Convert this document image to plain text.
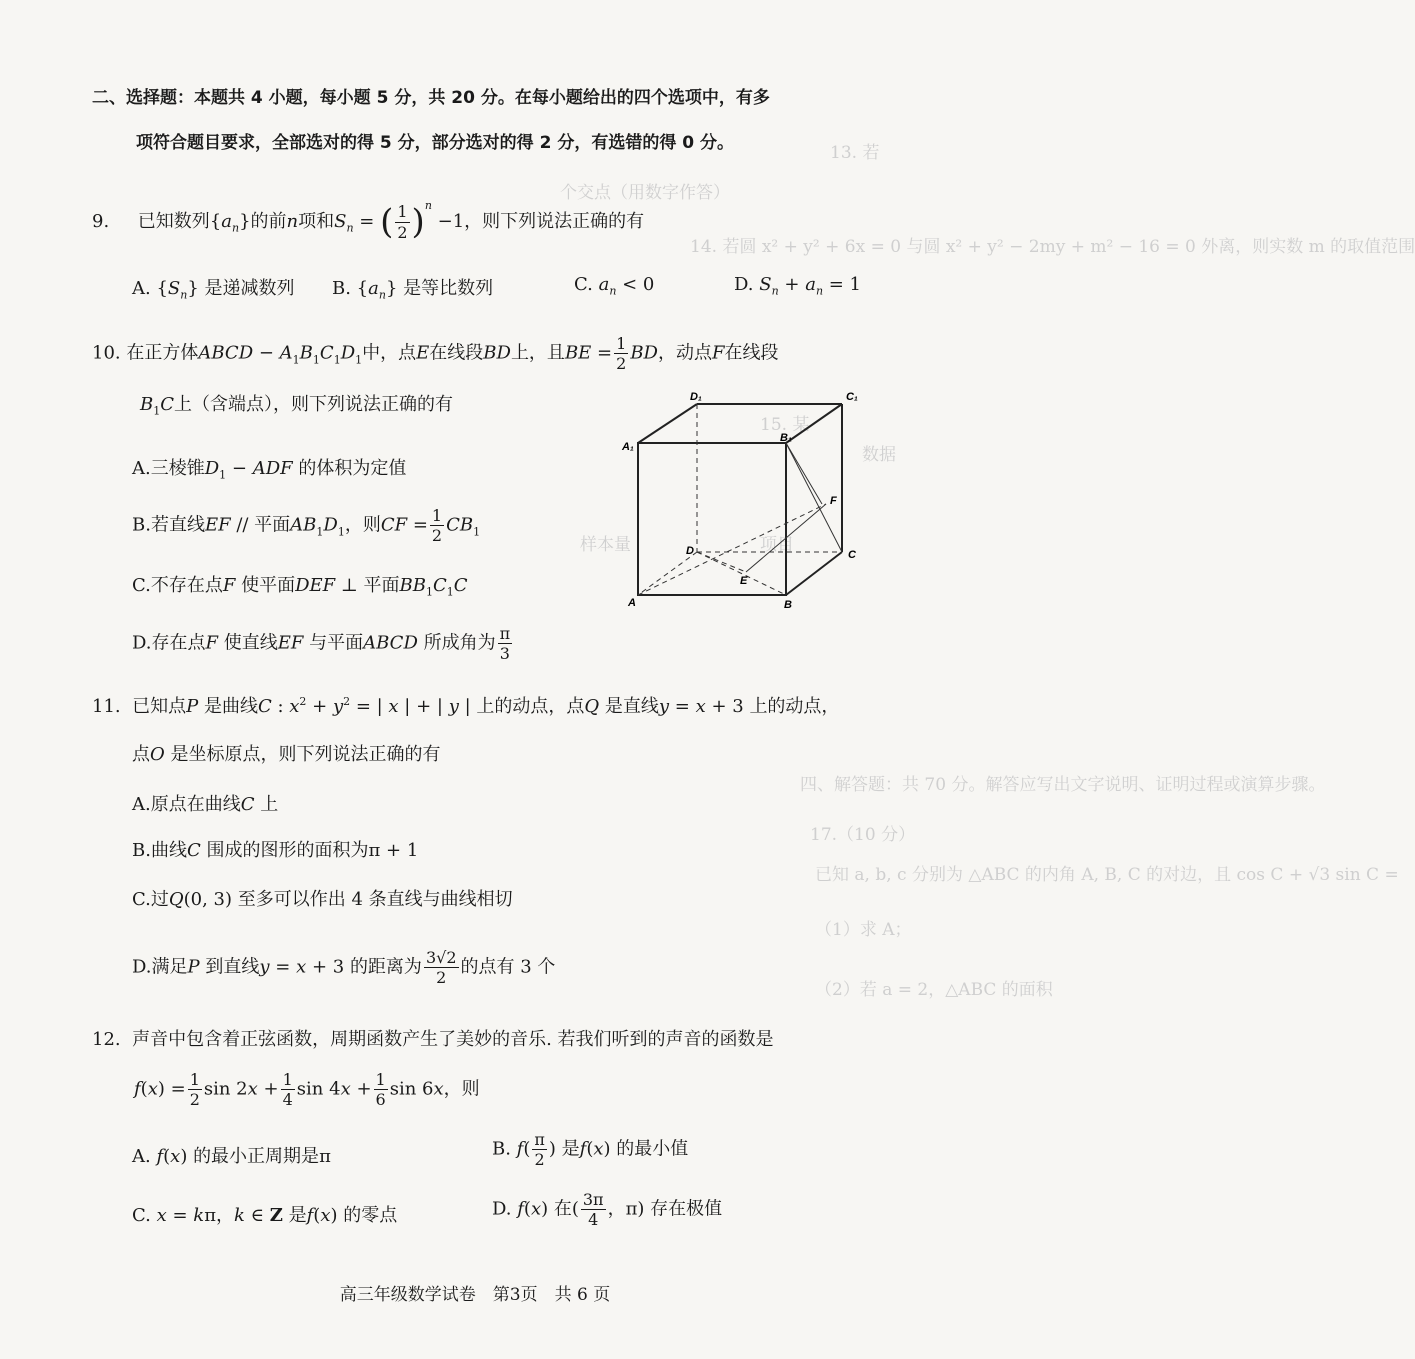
13. 若
个交点（用数字作答）
14. 若圆 x² + y² + 6x = 0 与圆 x² + y² − 2my + m² − 16 = 0 外离，则实数 m 的取值范围
15. 某
数据
样本量	项目
四、解答题：共 70 分。解答应写出文字说明、证明过程或演算步骤。
17.（10 分）
已知 a, b, c 分别为 △ABC 的内角 A, B, C 的对边，且 cos C + √3 sin C =
（1）求 A；
（2）若 a = 2，△ABC 的面积
二、选择题：本题共 4 小题，每小题 5 分，共 20 分。在每小题给出的四个选项中，有多
项符合题目要求，全部选对的得 5 分，部分选对的得 2 分，有选错的得 0 分。
9. 已知数列$\{a_n\}$的前n项和$S_n$ = ( $\frac{1}{2} )^n -1$，则下列说法正确的有
A. $\{S_n\}$ 是递减数列 B. $\{a_n\}$ 是等比数列	C. $a_n < 0$	D. $S_n + a_n = 1$
10. 在正方体ABCD − $A_1B_1C_1D_1$中，点E在线段BD上，且BE = $\frac{1}{2}$ BD，动点F在线段
$B_1C$上（含端点），则下列说法正确的有
A.三棱锥$D_1$ − ADF 的体积为定值
B.若直线EF // 平面$AB_1D_1$，则CF = $\frac{1}{2} CB_1$
C.不存在点F 使平面DEF ⊥ 平面$BB_1C_1C$
D.存在点F 使直线EF 与平面ABCD 所成角为 $\frac{\pi}{3}$
D₁	C₁
A₁
B₁
F
D	C
E
A	B
11. 已知点P 是曲线C : $x^2 + y^2$ = | x | + | y | 上的动点，点Q 是直线y = x + 3 上的动点，
点O 是坐标原点，则下列说法正确的有
A.原点在曲线C 上
B.曲线C 围成的图形的面积为π + 1
C.过Q(0, 3) 至多可以作出 4 条直线与曲线相切
D.满足P 到直线y = x + 3 的距离为 $\frac{3√2}{2}$ 的点有 3 个
12. 声音中包含着正弦函数，周期函数产生了美妙的音乐. 若我们听到的声音的函数是
$f(x) = \frac{1}{2}$ $\sin 2x + \frac{1}{4}$ $\sin 4x + \frac{1}{6}$ sin 6x，则
A. f(x) 的最小正周期是π	B. $f( \frac{\pi}{2}$ ) 是f(x) 的最小值
C. x = kπ，k ∈ Z 是f(x) 的零点	D. f(x) 在( $\frac{3\pi}{4}$ ，π) 存在极值
高三年级数学试卷　第3页　共 6 页
